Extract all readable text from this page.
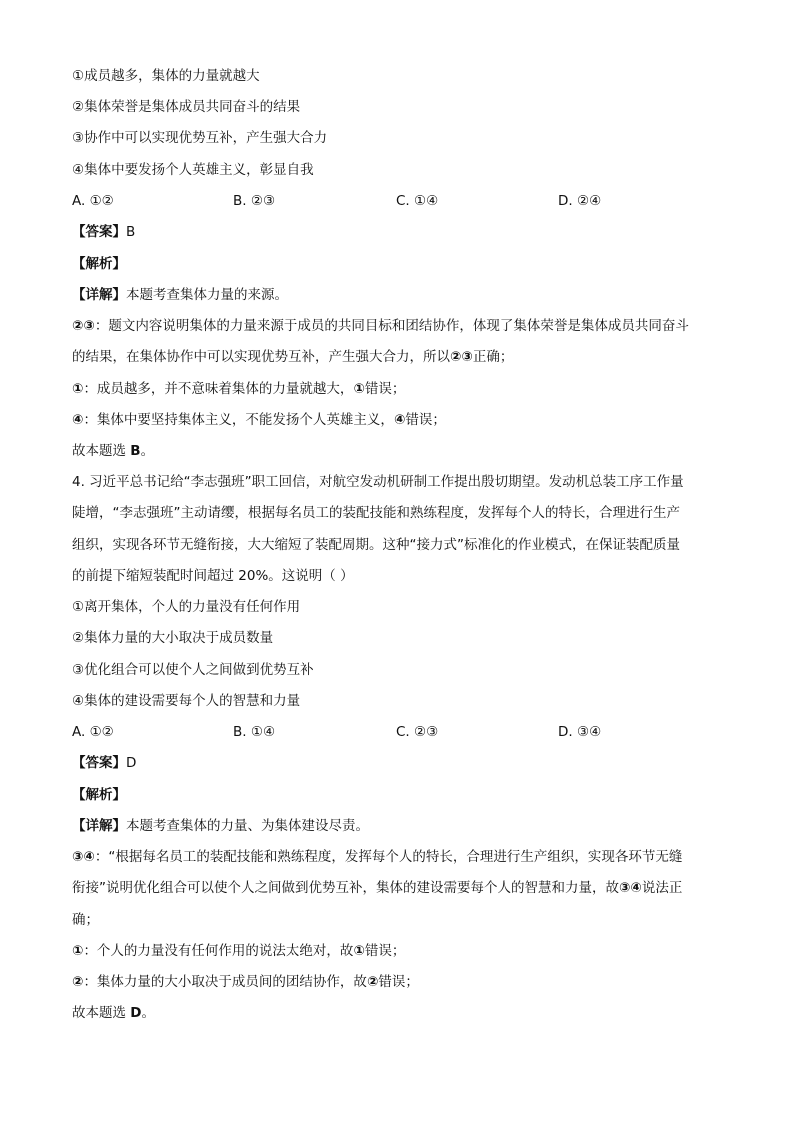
①成员越多，集体的力量就越大
②集体荣誉是集体成员共同奋斗的结果
③协作中可以实现优势互补，产生强大合力
④集体中要发扬个人英雄主义，彰显自我
A. ①②	B. ②③	C. ①④	D. ②④
【答案】B
【解析】
【详解】本题考查集体力量的来源。
②③：题文内容说明集体的力量来源于成员的共同目标和团结协作，体现了集体荣誉是集体成员共同奋斗
的结果，在集体协作中可以实现优势互补，产生强大合力，所以②③正确；
①：成员越多，并不意味着集体的力量就越大，①错误；
④：集体中要坚持集体主义，不能发扬个人英雄主义，④错误；
故本题选 B。
4. 习近平总书记给“李志强班”职工回信，对航空发动机研制工作提出殷切期望。发动机总装工序工作量
陡增，“李志强班”主动请缨，根据每名员工的装配技能和熟练程度，发挥每个人的特长，合理进行生产
组织，实现各环节无缝衔接，大大缩短了装配周期。这种“接力式”标准化的作业模式，在保证装配质量
的前提下缩短装配时间超过 20%。这说明（ ）
①离开集体，个人的力量没有任何作用
②集体力量的大小取决于成员数量
③优化组合可以使个人之间做到优势互补
④集体的建设需要每个人的智慧和力量
A. ①②	B. ①④	C. ②③	D. ③④
【答案】D
【解析】
【详解】本题考查集体的力量、为集体建设尽责。
③④：“根据每名员工的装配技能和熟练程度，发挥每个人的特长，合理进行生产组织，实现各环节无缝
衔接”说明优化组合可以使个人之间做到优势互补，集体的建设需要每个人的智慧和力量，故③④说法正
确；
①：个人的力量没有任何作用的说法太绝对，故①错误；
②：集体力量的大小取决于成员间的团结协作，故②错误；
故本题选 D。
